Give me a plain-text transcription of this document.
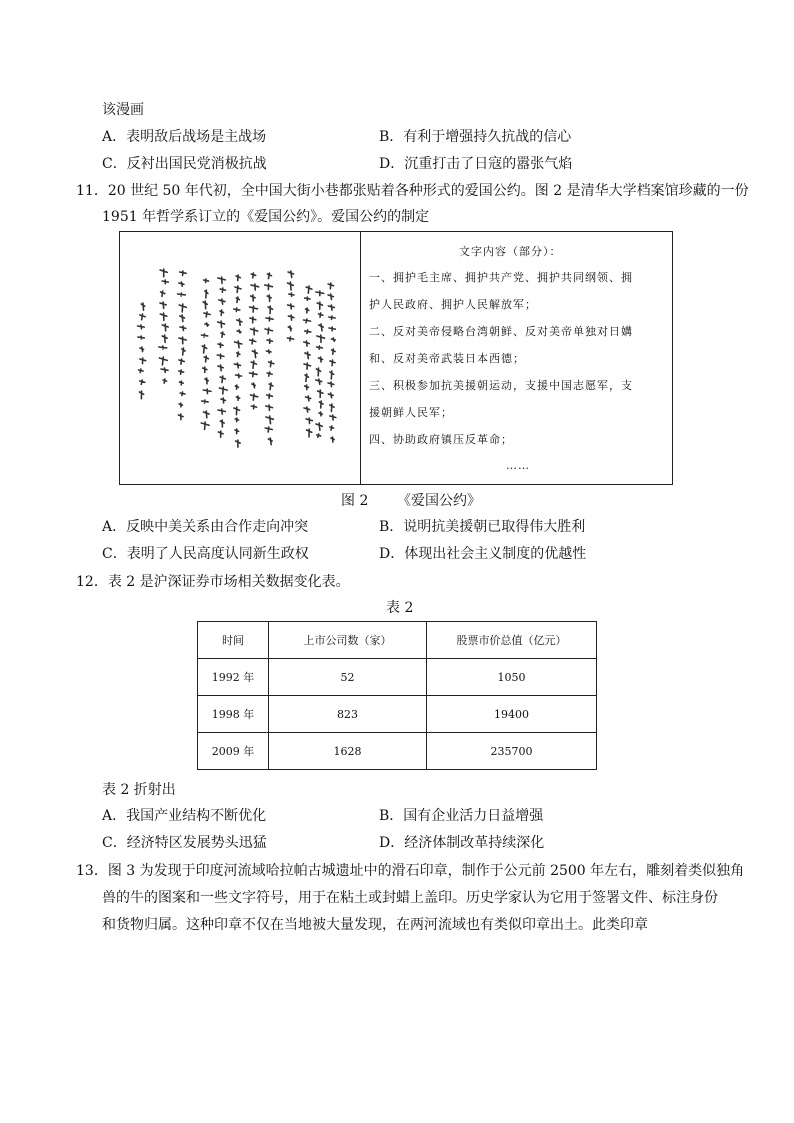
该漫画
A．表明敌后战场是主战场	B．有利于增强持久抗战的信心
C．反衬出国民党消极抗战	D．沉重打击了日寇的嚣张气焰
11．20 世纪 50 年代初，全中国大街小巷都张贴着各种形式的爱国公约。图 2 是清华大学档案馆珍藏的一份
1951 年哲学系订立的《爱国公约》。爱国公约的制定
文字内容（部分）：
一、拥护毛主席、拥护共产党、拥护共同纲领、拥
护人民政府、拥护人民解放军；
二、反对美帝侵略台湾朝鲜、反对美帝单独对日媾
和、反对美帝武装日本西德；
三、积极参加抗美援朝运动，支援中国志愿军，支
援朝鲜人民军；
四、协助政府镇压反革命；
……
图 2 《爱国公约》
A．反映中美关系由合作走向冲突	B．说明抗美援朝已取得伟大胜利
C．表明了人民高度认同新生政权	D．体现出社会主义制度的优越性
12．表 2 是沪深证券市场相关数据变化表。
表 2
时间	上市公司数（家）	股票市价总值（亿元）
1992 年	52	1050
1998 年	823	19400
2009 年	1628	235700
表 2 折射出
A．我国产业结构不断优化	B．国有企业活力日益增强
C．经济特区发展势头迅猛	D．经济体制改革持续深化
13．图 3 为发现于印度河流域哈拉帕古城遗址中的滑石印章，制作于公元前 2500 年左右，雕刻着类似独角
兽的牛的图案和一些文字符号，用于在粘土或封蜡上盖印。历史学家认为它用于签署文件、标注身份
和货物归属。这种印章不仅在当地被大量发现，在两河流域也有类似印章出土。此类印章
